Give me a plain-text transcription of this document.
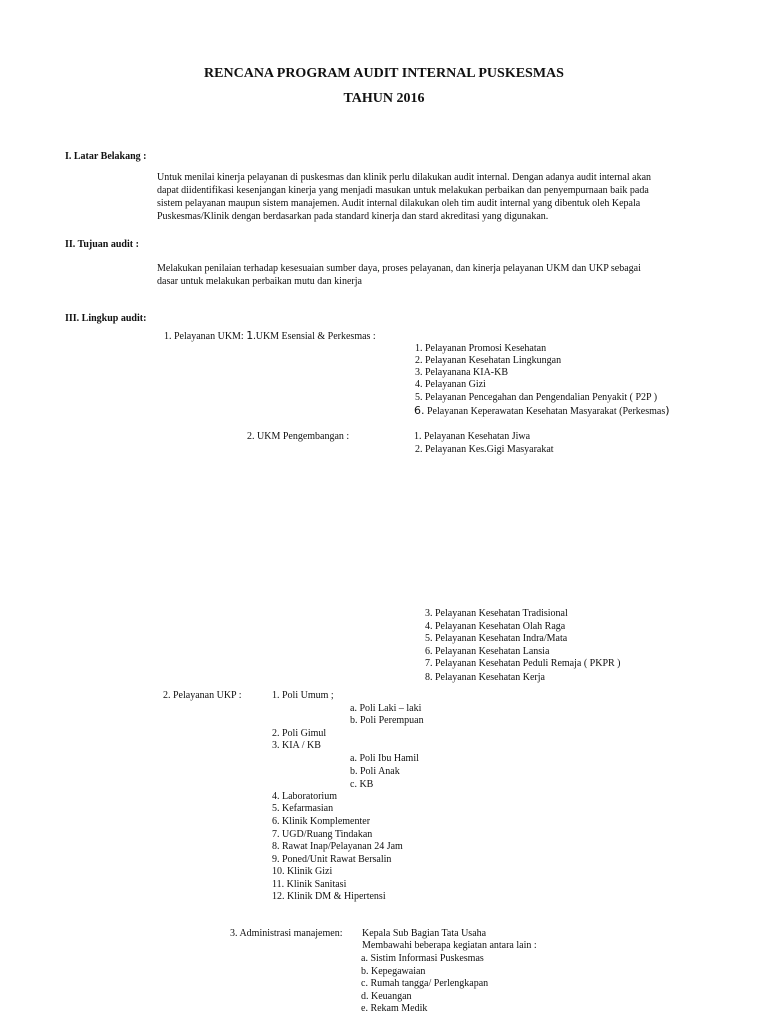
RENCANA PROGRAM AUDIT INTERNAL PUSKESMAS
TAHUN 2016
I. Latar Belakang :
Untuk menilai kinerja pelayanan di puskesmas dan klinik perlu dilakukan audit internal. Dengan adanya audit internal akan
dapat diidentifikasi kesenjangan kinerja yang menjadi masukan untuk melakukan perbaikan dan penyempurnaan baik pada
sistem pelayanan maupun sistem manajemen. Audit internal dilakukan oleh tim audit internal yang dibentuk oleh Kepala
Puskesmas/Klinik dengan berdasarkan pada standard kinerja dan stard akreditasi yang digunakan.
II. Tujuan audit :
Melakukan penilaian terhadap kesesuaian sumber daya, proses pelayanan, dan kinerja pelayanan UKM dan UKP sebagai
dasar untuk melakukan perbaikan mutu dan kinerja
III. Lingkup audit:
1. Pelayanan UKM: 1.UKM Esensial & Perkesmas :
1. Pelayanan Promosi Kesehatan
2. Pelayanan Kesehatan Lingkungan
3. Pelayanana KIA-KB
4. Pelayanan Gizi
5. Pelayanan Pencegahan dan Pengendalian Penyakit ( P2P )
6. Pelayanan Keperawatan Kesehatan Masyarakat (Perkesmas)
2. UKM Pengembangan :	1. Pelayanan Kesehatan Jiwa
2. Pelayanan Kes.Gigi Masyarakat
3. Pelayanan Kesehatan Tradisional
4. Pelayanan Kesehatan Olah Raga
5. Pelayanan Kesehatan Indra/Mata
6. Pelayanan Kesehatan Lansia
7. Pelayanan Kesehatan Peduli Remaja ( PKPR )
8. Pelayanan Kesehatan Kerja
2. Pelayanan UKP :	1. Poli Umum ;
a. Poli Laki – laki
b. Poli Perempuan
2. Poli Gimul
3. KIA / KB
a. Poli Ibu Hamil
b. Poli Anak
c. KB
4. Laboratorium
5. Kefarmasian
6. Klinik Komplementer
7. UGD/Ruang Tindakan
8. Rawat Inap/Pelayanan 24 Jam
9. Poned/Unit Rawat Bersalin
10. Klinik Gizi
11. Klinik Sanitasi
12. Klinik DM & Hipertensi
3. Administrasi manajemen: Kepala Sub Bagian Tata Usaha
Membawahi beberapa kegiatan antara lain :
a. Sistim Informasi Puskesmas
b. Kepegawaian
c. Rumah tangga/ Perlengkapan
d. Keuangan
e. Rekam Medik
